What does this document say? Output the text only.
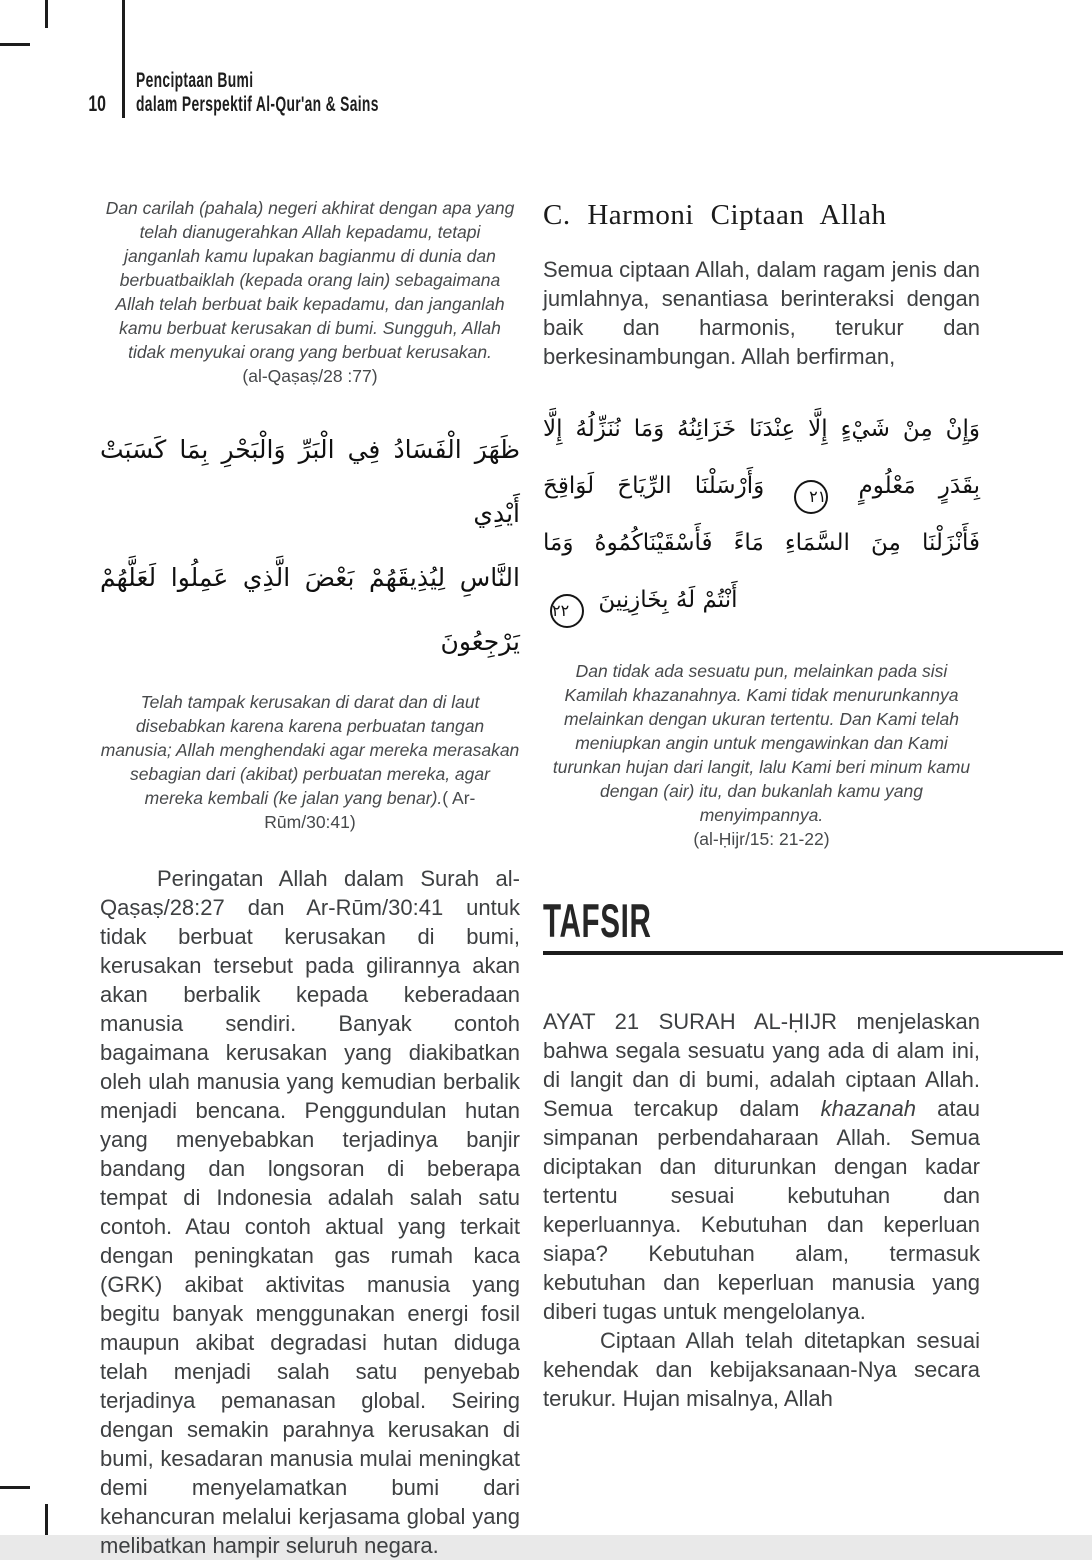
10
Penciptaan Bumi
dalam Perspektif Al-Qur'an & Sains
Dan carilah (pahala) negeri akhirat dengan apa yang telah dianugerahkan Allah kepadamu, tetapi janganlah kamu lupakan bagianmu di dunia dan berbuatbaiklah (kepada orang lain) sebagaimana Allah telah berbuat baik kepadamu, dan janganlah kamu berbuat kerusakan di bumi. Sungguh, Allah tidak menyukai orang yang berbuat kerusakan.
(al-Qaṣaṣ/28 :77)
ظَهَرَ الْفَسَادُ فِي الْبَرِّ وَالْبَحْرِ بِمَا كَسَبَتْ أَيْدِي
النَّاسِ لِيُذِيقَهُمْ بَعْضَ الَّذِي عَمِلُوا لَعَلَّهُمْ يَرْجِعُونَ
Telah tampak kerusakan di darat dan di laut disebabkan karena karena perbuatan tangan manusia; Allah menghendaki agar mereka merasakan sebagian dari (akibat) perbuatan mereka, agar mereka kembali (ke jalan yang benar).( Ar-Rūm/30:41)

Peringatan Allah dalam Surah al-Qaṣaṣ/28:27 dan Ar-Rūm/30:41 untuk tidak berbuat kerusakan di bumi, kerusakan tersebut pada gilirannya akan akan berbalik kepada keberadaan manusia sendiri. Banyak contoh bagaimana kerusakan yang diakibatkan oleh ulah manusia yang kemudian berbalik menjadi bencana. Penggundulan hutan yang menyebabkan terjadinya banjir bandang dan longsoran di beberapa tempat di Indonesia adalah salah satu contoh. Atau contoh aktual yang terkait dengan peningkatan gas rumah kaca (GRK) akibat aktivitas manusia yang begitu banyak menggunakan energi fosil maupun akibat degradasi hutan diduga telah menjadi salah satu penyebab terjadinya pemanasan global. Seiring dengan semakin parahnya kerusakan di bumi, kesadaran manusia mulai meningkat demi menyelamatkan bumi dari kehancuran melalui kerjasama global yang melibatkan hampir seluruh negara.

C. Harmoni Ciptaan Allah

Semua ciptaan Allah, dalam ragam jenis dan jumlahnya, senantiasa berinteraksi dengan baik dan harmonis, terukur dan berkesinambungan. Allah berfirman,

وَإِنْ مِنْ شَيْءٍ إِلَّا عِنْدَنَا خَزَائِنُهُ وَمَا نُنَزِّلُهُ إِلَّا
بِقَدَرٍ مَعْلُومٍ ٢١ وَأَرْسَلْنَا الرِّيَاحَ لَوَاقِحَ
فَأَنْزَلْنَا مِنَ السَّمَاءِ مَاءً فَأَسْقَيْنَاكُمُوهُ وَمَا
أَنْتُمْ لَهُ بِخَازِنِينَ ٢٢
Dan tidak ada sesuatu pun, melainkan pada sisi Kamilah khazanahnya. Kami tidak menurunkannya melainkan dengan ukuran tertentu. Dan Kami telah meniupkan angin untuk mengawinkan dan Kami turunkan hujan dari langit, lalu Kami beri minum kamu dengan (air) itu, dan bukanlah kamu yang menyimpannya.
(al-Ḥijr/15: 21-22)
TAFSIR

AYAT 21 SURAH AL-ḤIJR menjelaskan bahwa segala sesuatu yang ada di alam ini, di langit dan di bumi, adalah ciptaan Allah. Semua tercakup dalam khazanah atau simpanan perbendaharaan Allah. Semua diciptakan dan diturunkan dengan kadar tertentu sesuai kebutuhan dan keperluannya. Kebutuhan dan keperluan siapa? Kebutuhan alam, termasuk kebutuhan dan keperluan manusia yang diberi tugas untuk mengelolanya.

Ciptaan Allah telah ditetapkan sesuai kehendak dan kebijaksanaan-Nya secara terukur. Hujan misalnya, Allah
